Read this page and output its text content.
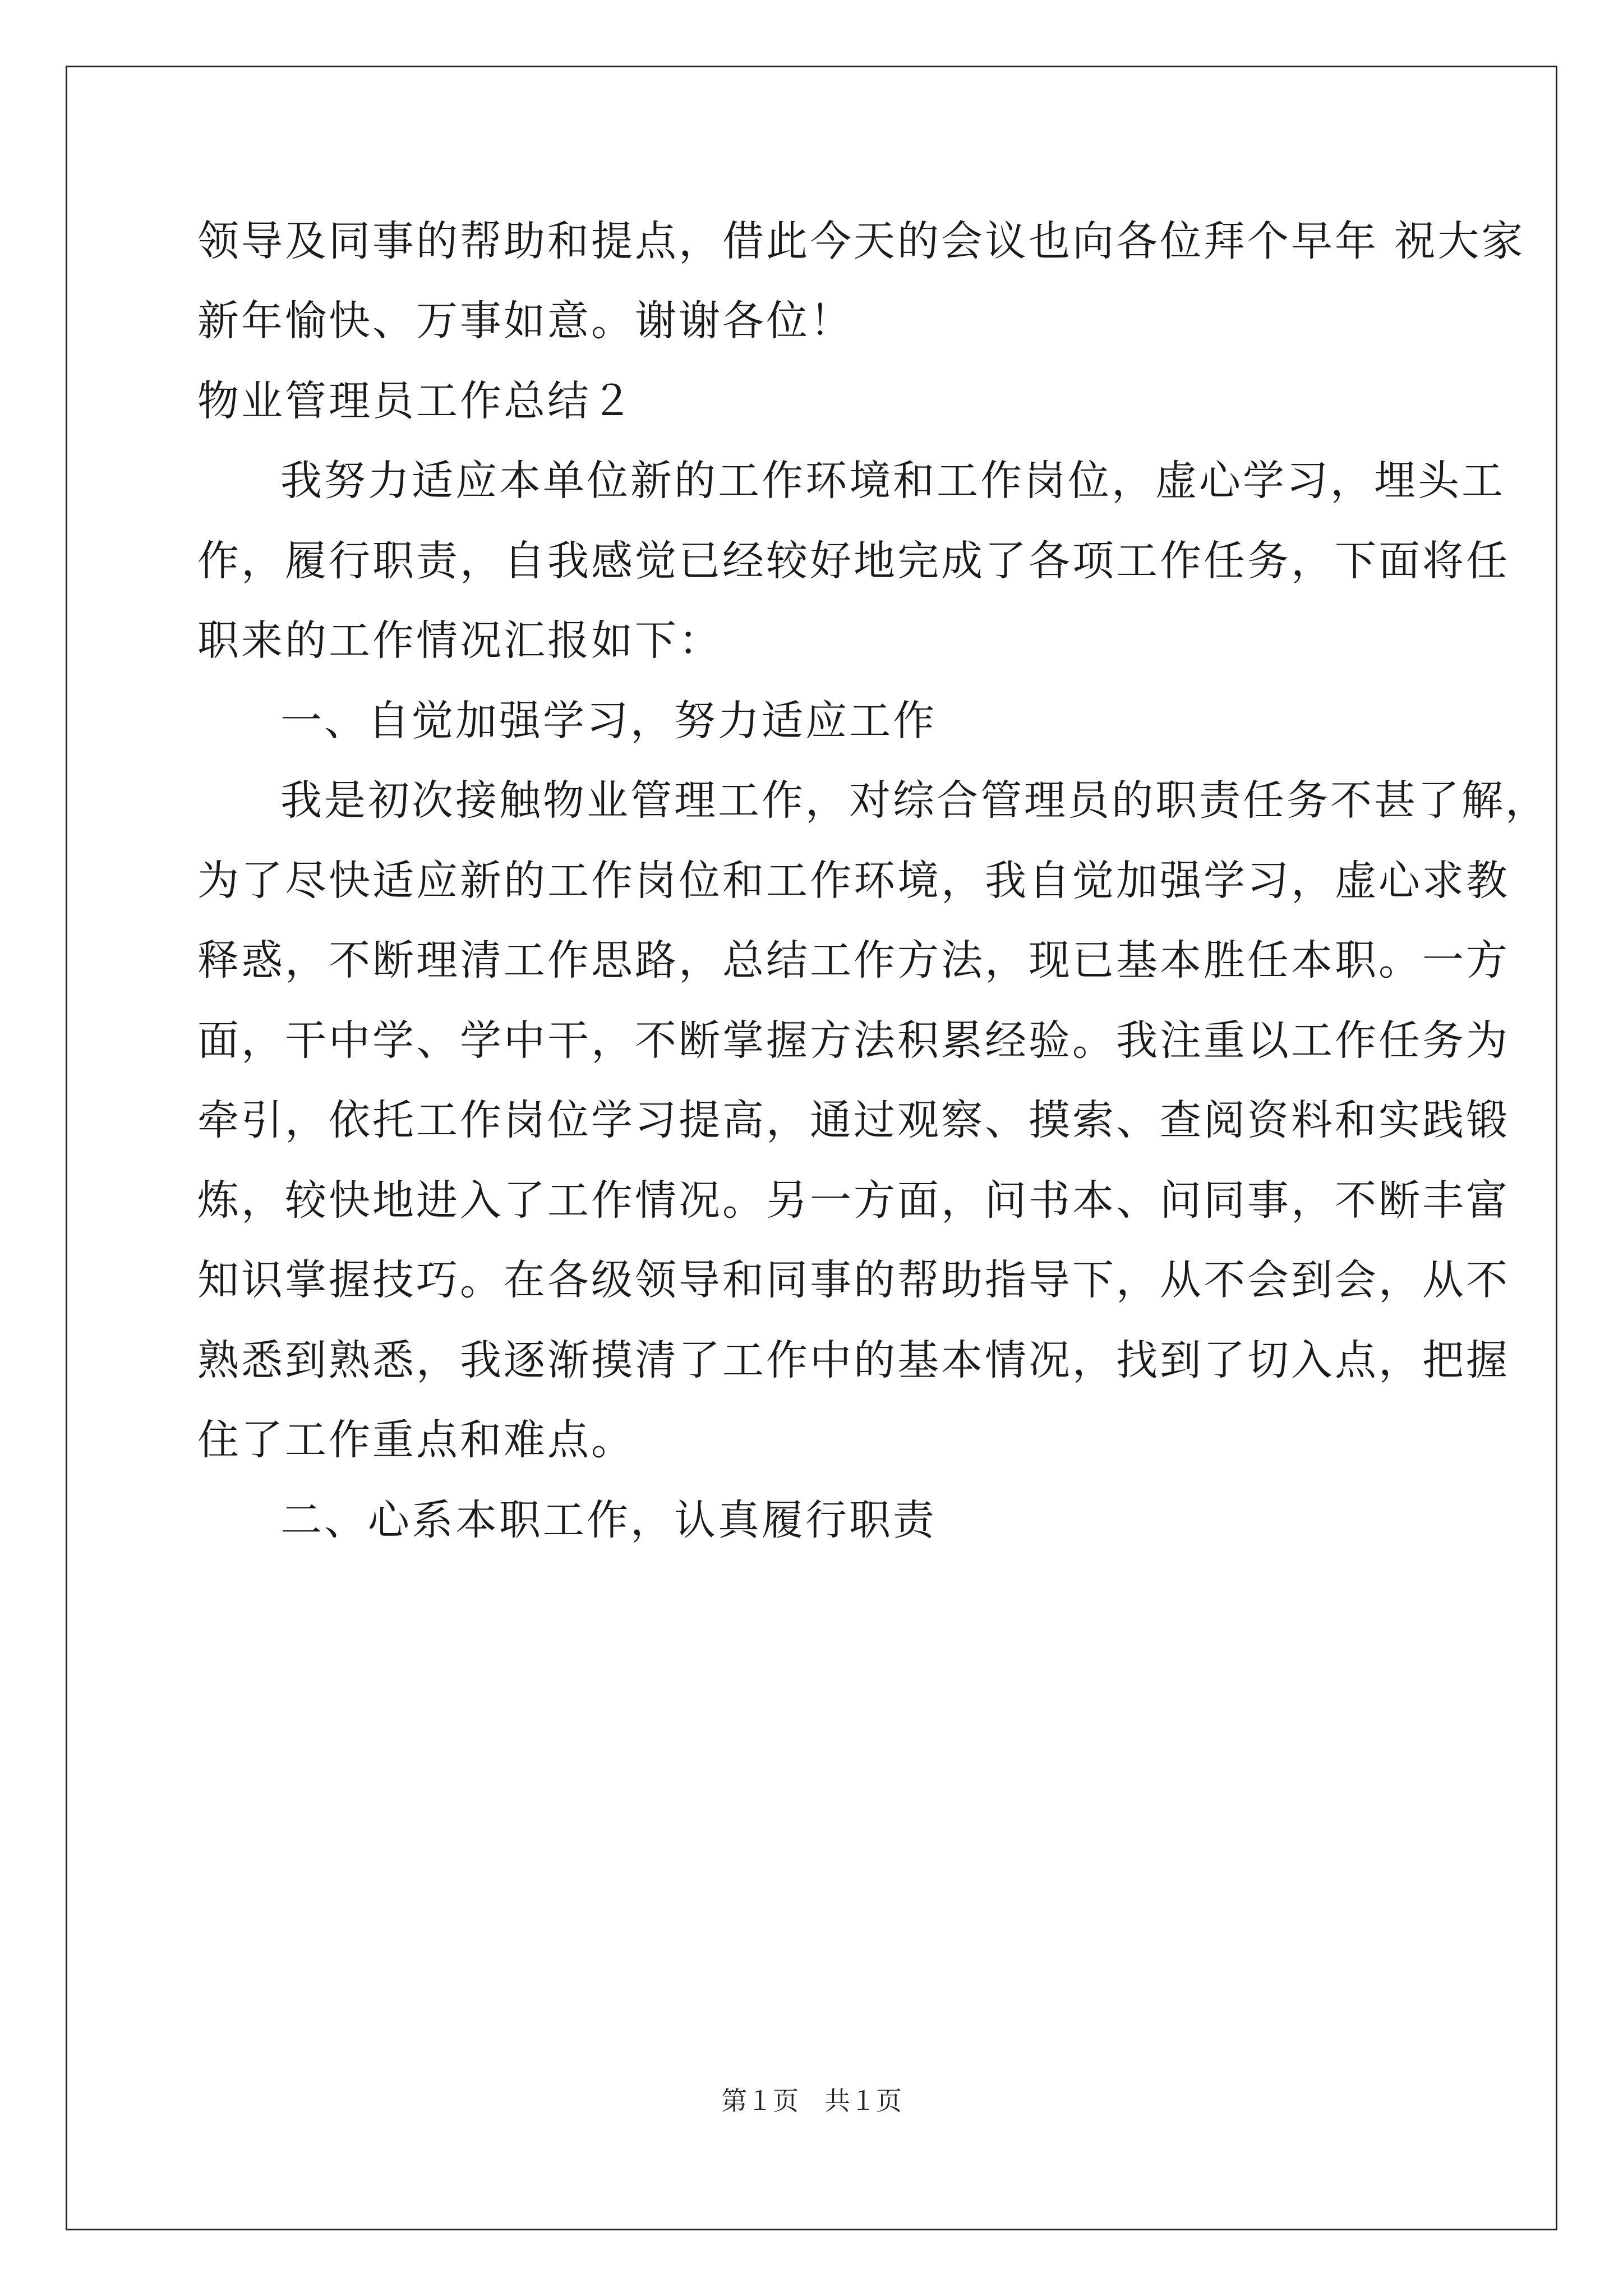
领导及同事的帮助和提点，借此今天的会议也向各位拜个早年 祝大家
新年愉快、万事如意。谢谢各位！
物业管理员工作总结２
我努力适应本单位新的工作环境和工作岗位，虚心学习，埋头工
作，履行职责，自我感觉已经较好地完成了各项工作任务，下面将任
职来的工作情况汇报如下：
一、自觉加强学习，努力适应工作
我是初次接触物业管理工作，对综合管理员的职责任务不甚了解，
为了尽快适应新的工作岗位和工作环境，我自觉加强学习，虚心求教
释惑，不断理清工作思路，总结工作方法，现已基本胜任本职。一方
面，干中学、学中干，不断掌握方法积累经验。我注重以工作任务为
牵引，依托工作岗位学习提高，通过观察、摸索、查阅资料和实践锻
炼，较快地进入了工作情况。另一方面，问书本、问同事，不断丰富
知识掌握技巧。在各级领导和同事的帮助指导下，从不会到会，从不
熟悉到熟悉，我逐渐摸清了工作中的基本情况，找到了切入点，把握
住了工作重点和难点。
二、心系本职工作，认真履行职责
第１页　共１页
